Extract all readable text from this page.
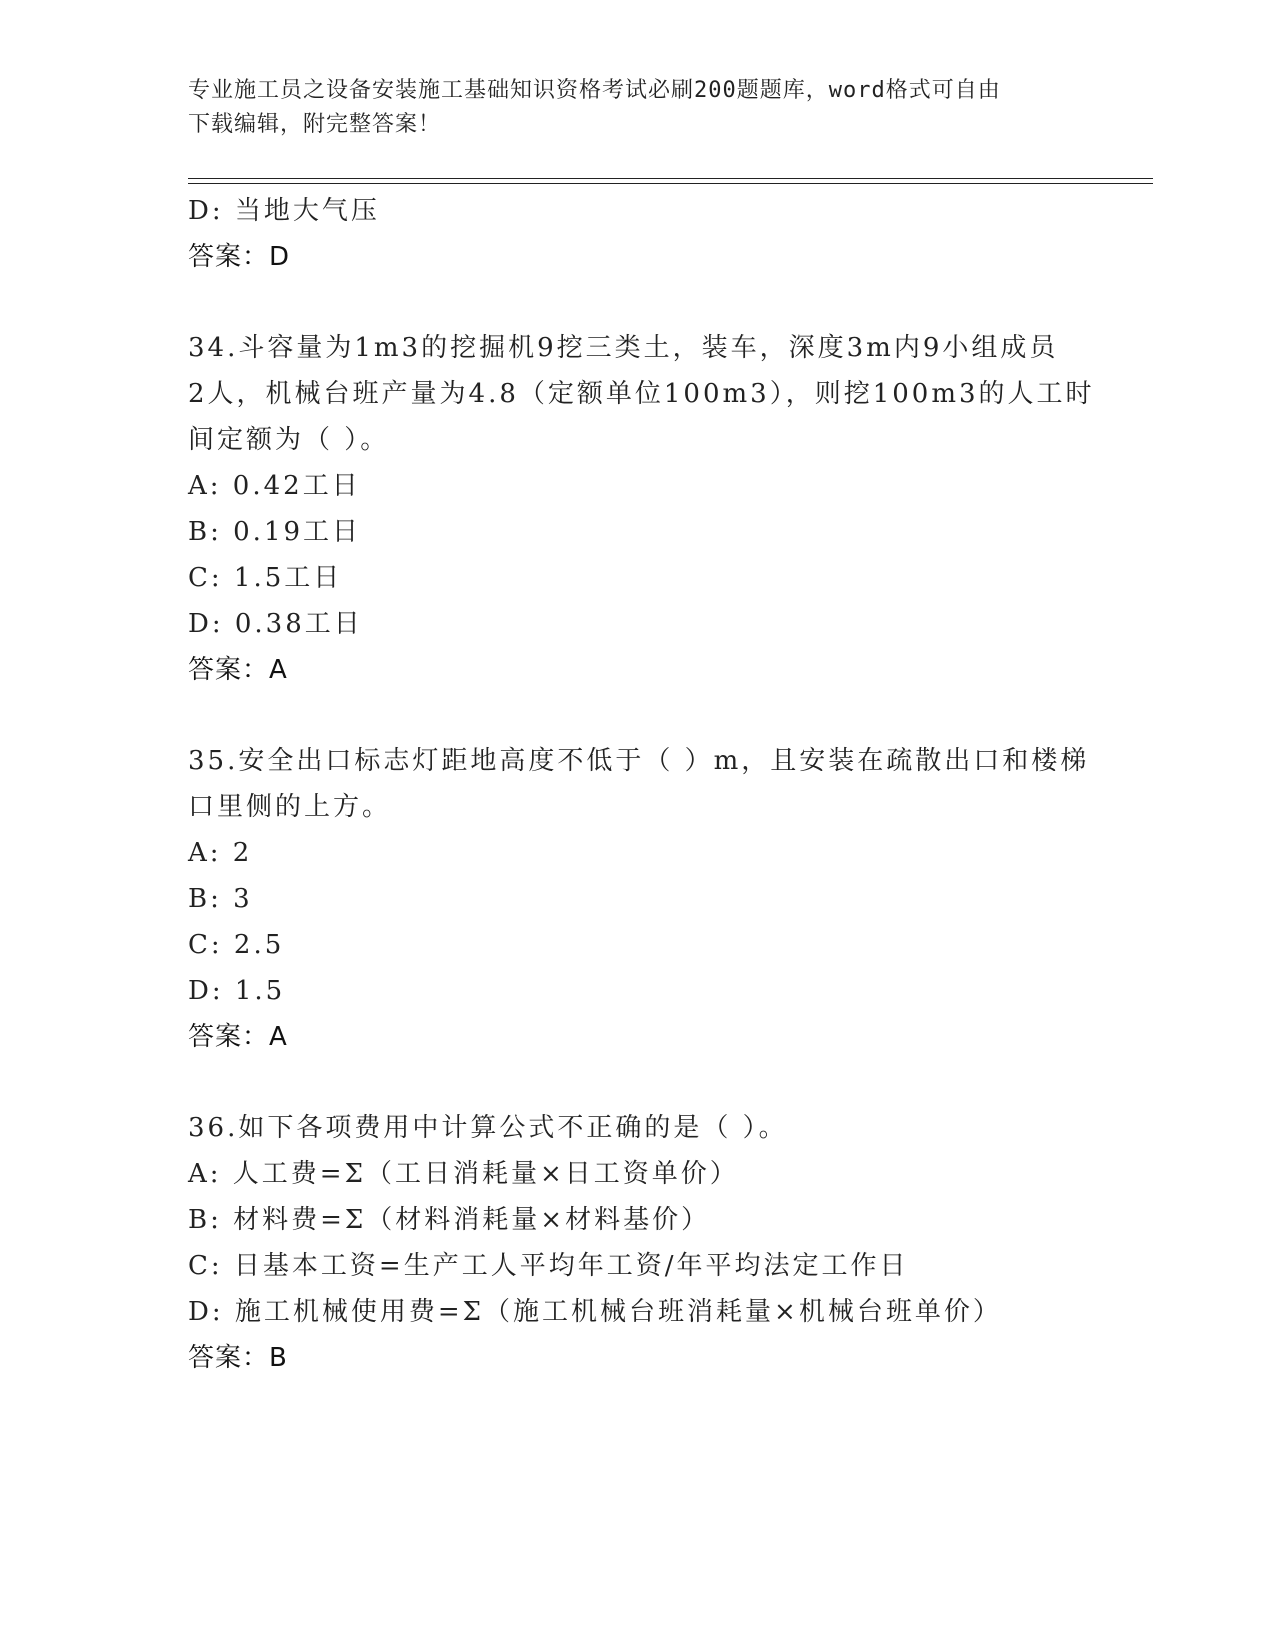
专业施工员之设备安装施工基础知识资格考试必刷200题题库，word格式可自由
下载编辑，附完整答案！
D: 当地大气压
答案：D
34.斗容量为1m3的挖掘机9挖三类土，装车，深度3m内9小组成员
2人，机械台班产量为4.8（定额单位100m3），则挖100m3的人工时
间定额为（ ）。
A: 0.42工日
B: 0.19工日
C: 1.5工日
D: 0.38工日
答案：A
35.安全出口标志灯距地高度不低于（ ）m，且安装在疏散出口和楼梯
口里侧的上方。
A: 2
B: 3
C: 2.5
D: 1.5
答案：A
36.如下各项费用中计算公式不正确的是（ ）。
A: 人工费=Σ（工日消耗量×日工资单价）
B: 材料费=Σ（材料消耗量×材料基价）
C: 日基本工资=生产工人平均年工资/年平均法定工作日
D: 施工机械使用费=Σ（施工机械台班消耗量×机械台班单价）
答案：B
